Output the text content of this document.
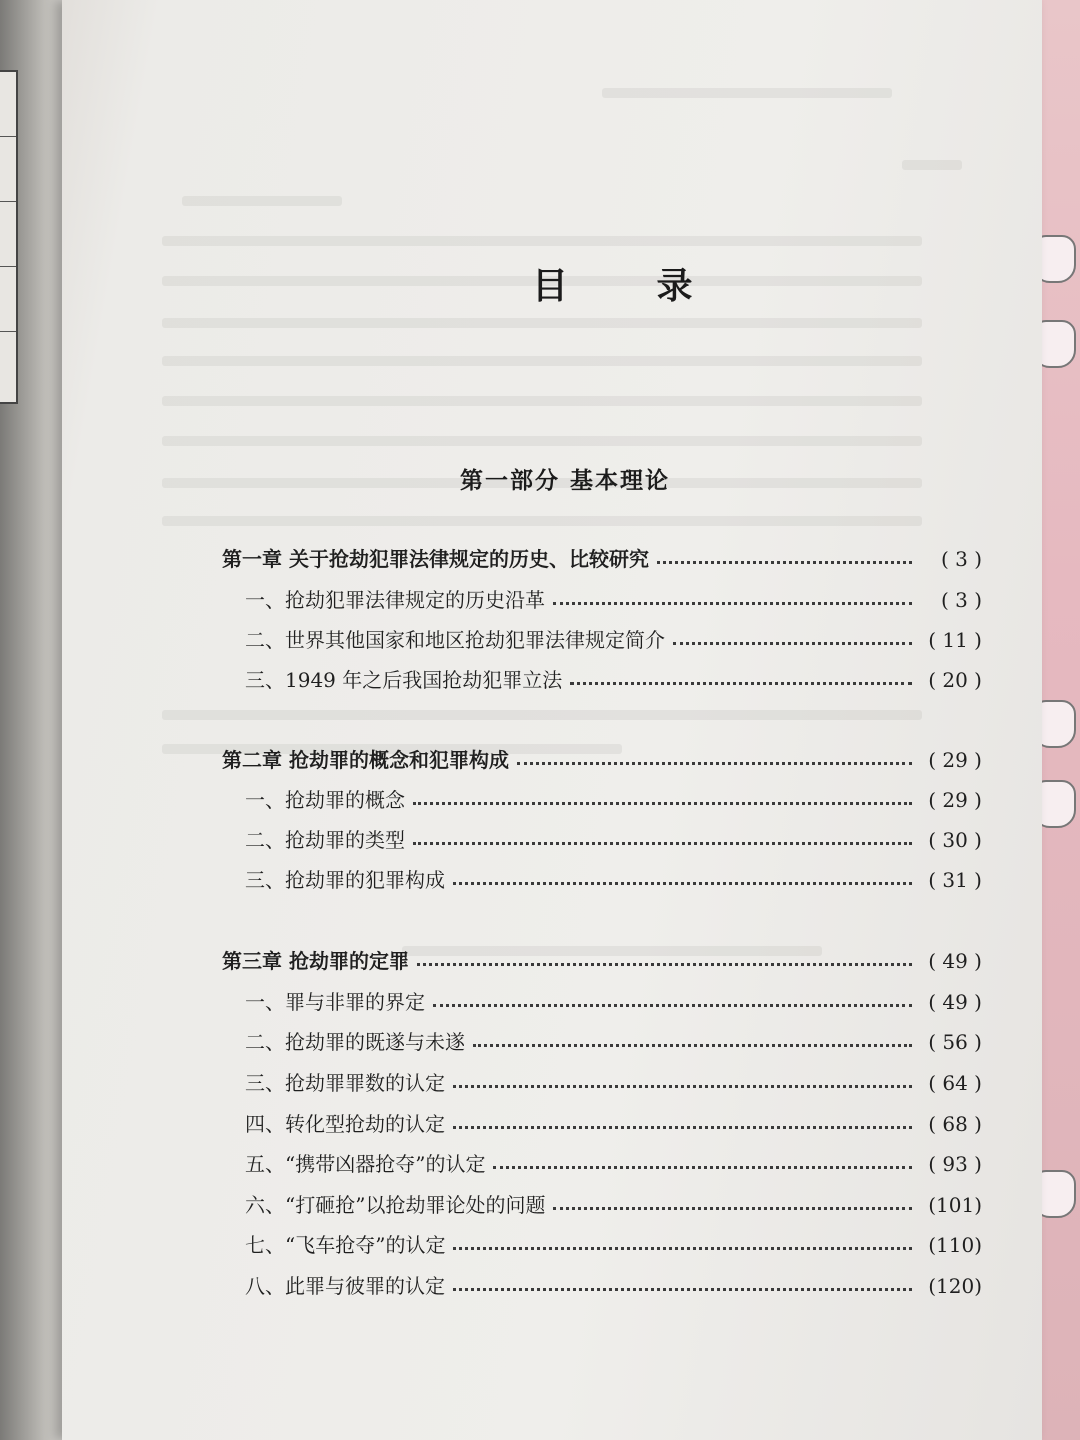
目 录
第一部分 基本理论
第一章 关于抢劫犯罪法律规定的历史、比较研究	( 3 )
一、抢劫犯罪法律规定的历史沿革	( 3 )
二、世界其他国家和地区抢劫犯罪法律规定简介	( 11 )
三、1949 年之后我国抢劫犯罪立法	( 20 )
第二章 抢劫罪的概念和犯罪构成	( 29 )
一、抢劫罪的概念	( 29 )
二、抢劫罪的类型	( 30 )
三、抢劫罪的犯罪构成	( 31 )
第三章 抢劫罪的定罪	( 49 )
一、罪与非罪的界定	( 49 )
二、抢劫罪的既遂与未遂	( 56 )
三、抢劫罪罪数的认定	( 64 )
四、转化型抢劫的认定	( 68 )
五、“携带凶器抢夺”的认定	( 93 )
六、“打砸抢”以抢劫罪论处的问题	(101)
七、“飞车抢夺”的认定	(110)
八、此罪与彼罪的认定	(120)
